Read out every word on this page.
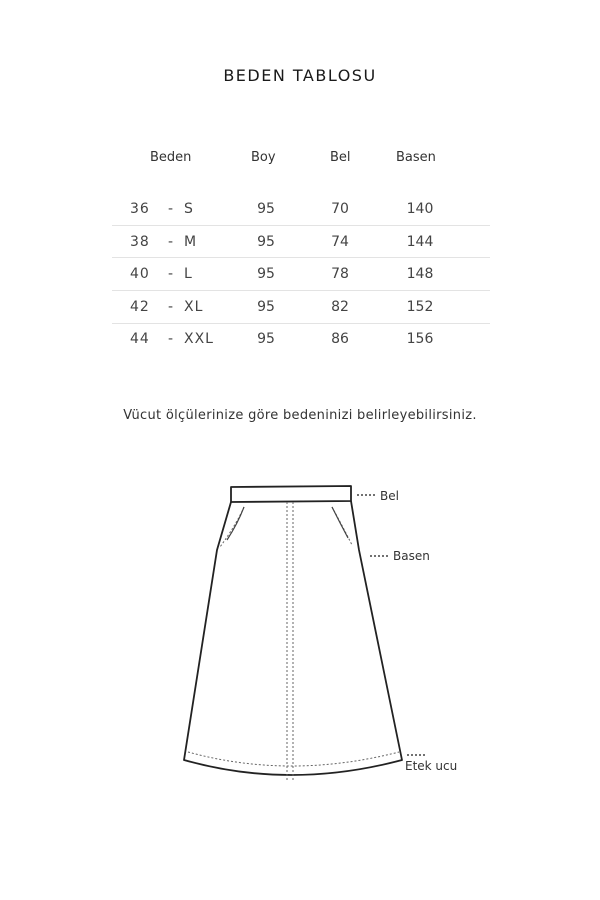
BEDEN TABLOSU
Beden	Boy	Bel	Basen
36 - S	95	70	140
38 - M	95	74	144
40 - L	95	78	148
42 - XL	95	82	152
44 - XXL	95	86	156
Vücut ölçülerinize göre bedeninizi belirleyebilirsiniz.
Bel
Basen
Etek ucu
